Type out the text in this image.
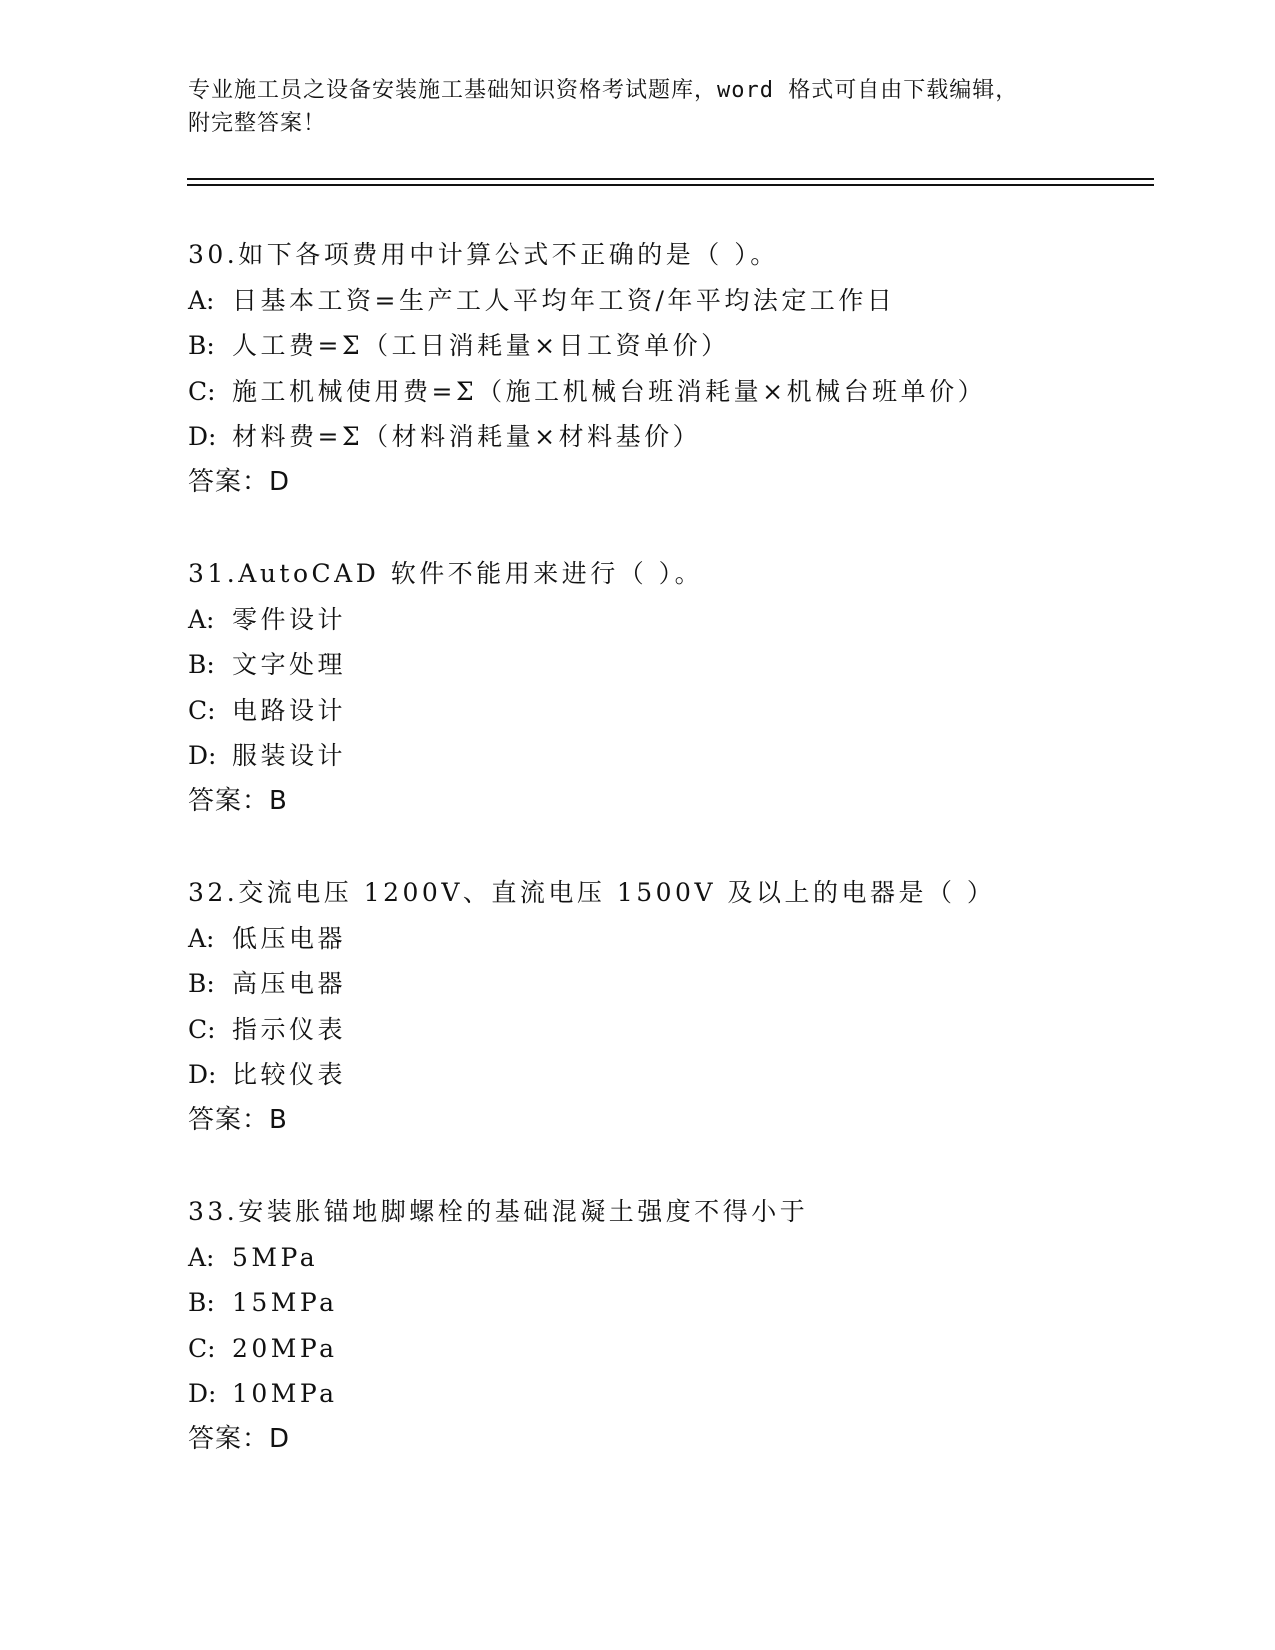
专业施工员之设备安装施工基础知识资格考试题库，word 格式可自由下载编辑，
附完整答案！
30.如下各项费用中计算公式不正确的是（ ）。
A: 日基本工资=生产工人平均年工资/年平均法定工作日
B: 人工费=Σ（工日消耗量×日工资单价）
C: 施工机械使用费=Σ（施工机械台班消耗量×机械台班单价）
D: 材料费=Σ（材料消耗量×材料基价）
答案：D
31.AutoCAD 软件不能用来进行（ ）。
A: 零件设计
B: 文字处理
C: 电路设计
D: 服装设计
答案：B
32.交流电压 1200V、直流电压 1500V 及以上的电器是（ ）
A: 低压电器
B: 高压电器
C: 指示仪表
D: 比较仪表
答案：B
33.安装胀锚地脚螺栓的基础混凝土强度不得小于
A: 5MPa
B: 15MPa
C: 20MPa
D: 10MPa
答案：D
